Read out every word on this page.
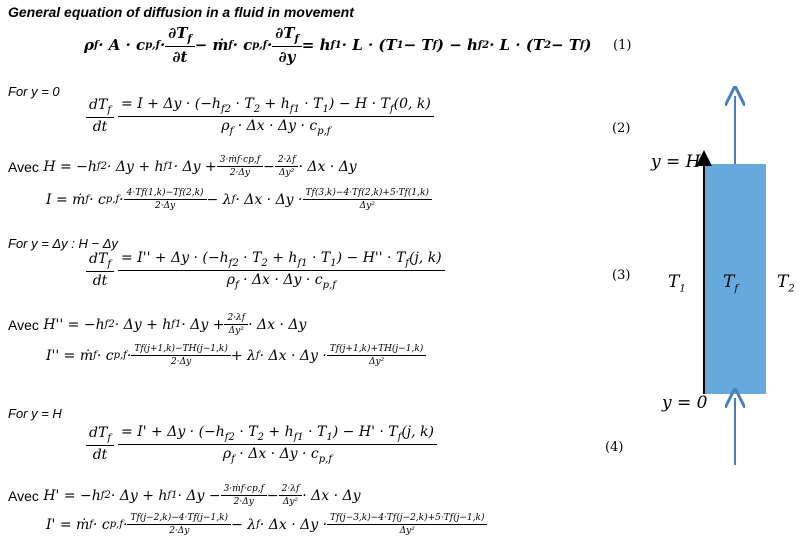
General equation of diffusion in a fluid in movement
ρ f · A · c $p,f \cdot \frac{\partial T_f}{\partial t}$ − ṁ f · c $p,f \cdot \frac{\partial T_f}{\partial y} = h$ f1 · L · (T 1 − T f ) − h f2 · L · (T 2 − T f ) (1)
For y = 0
$\frac{dT_f}{dt} \frac{= I + \Delta y \cdot (-h_{f2} \cdot T_2 + h_{f1} \cdot T_1) - H \cdot T_f(0, k)}{\rho_f \cdot \Delta x \cdot \Delta y \cdot c_{p,f}}$	(2)
Avec
H = −h f2 · Δy + h $f1 \cdot \Delta y + \frac{\text{3·ṁf·cp,f}}{2\cdot\Delta y} - \frac{2\cdot\lambda f}{\text{Δy²}} \cdot \Delta x \cdot \Delta y$
I = ṁ f · c $p,f \cdot \frac{4\cdot Tf(1,k)-Tf(2,k)}{2\cdot\Delta y} - \lambda$ $f \cdot \Delta x \cdot \Delta y \cdot \frac{Tf(3,k)-4\cdot Tf(2,k)+5\cdot Tf(1,k)}{\text{Δy²}}$
For y = Δy : H − Δy
$\frac{dT_f}{dt} \frac{= I'' + \Delta y \cdot (-h_{f2} \cdot T_2 + h_{f1} \cdot T_1) - H'' \cdot T_f(j, k)}{\rho_f \cdot \Delta x \cdot \Delta y \cdot c_{p,f}}$	(3)
Avec
H'' = −h f2 · Δy + h $f1 \cdot \Delta y + \frac{2\cdot\lambda f}{\text{Δy²}} \cdot \Delta x \cdot \Delta y$
I'' = ṁ f · c $p,f \cdot \frac{Tf(j+1,k)-TH(j-1,k)}{2\cdot\Delta y} + \lambda$ $f \cdot \Delta x \cdot \Delta y \cdot \frac{Tf(j+1,k)+TH(j-1,k)}{\text{Δy²}}$
For y = H
$\frac{dT_f}{dt} \frac{= I' + \Delta y \cdot (-h_{f2} \cdot T_2 + h_{f1} \cdot T_1) - H' \cdot T_f(j, k)}{\rho_f \cdot \Delta x \cdot \Delta y \cdot c_{p,f}}$	(4)
Avec
H' = −h f2 · Δy + h $f1 \cdot \Delta y - \frac{\text{3·ṁf·cp,f}}{2\cdot\Delta y} - \frac{2\cdot\lambda f}{\text{Δy²}} \cdot \Delta x \cdot \Delta y$
I' = ṁ f · c $p,f \cdot \frac{Tf(j-2,k)-4\cdot Tf(j-1,k)}{2\cdot\Delta y} - \lambda$ $f \cdot \Delta x \cdot \Delta y \cdot \frac{Tf(j-3,k)-4\cdot Tf(j-2,k)+5\cdot Tf(j-1,k)}{\text{Δy²}}$
y = H
y = 0
$T_1$ $T_f$ $T_2$
